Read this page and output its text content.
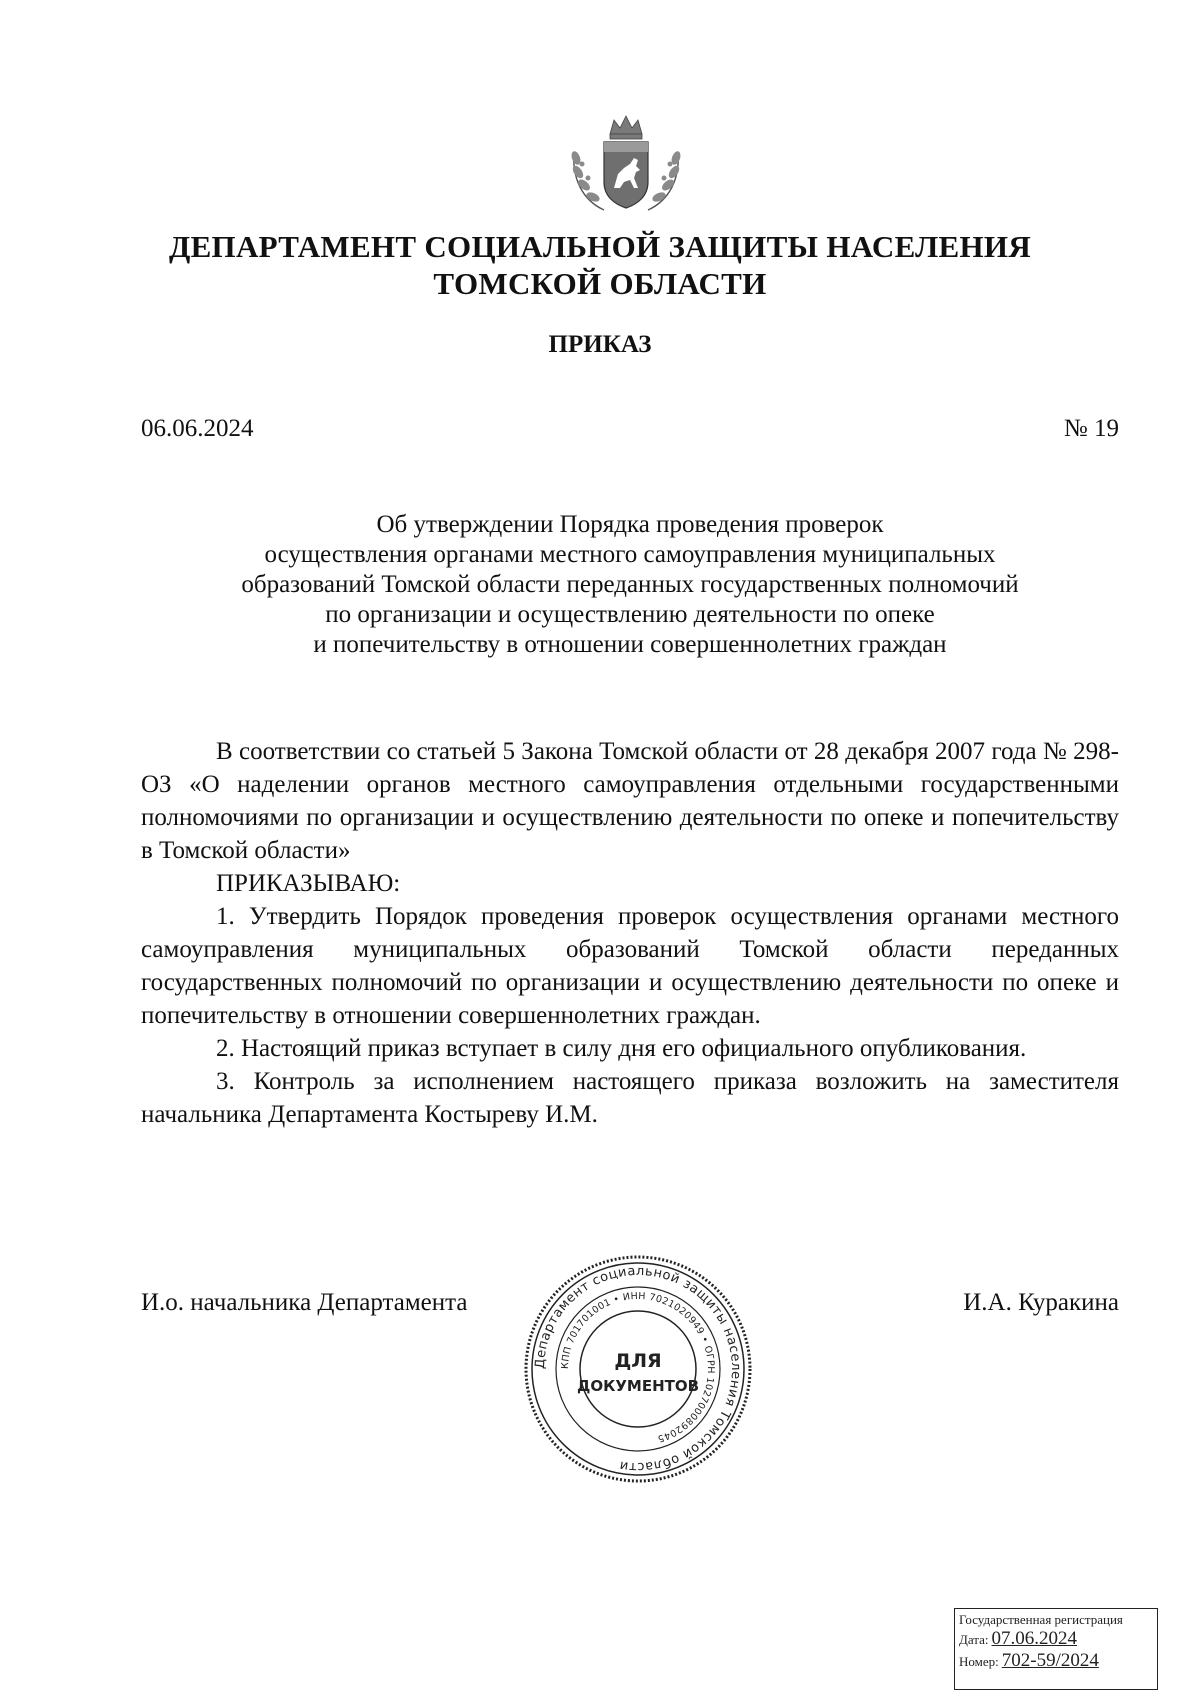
ДЕПАРТАМЕНТ СОЦИАЛЬНОЙ ЗАЩИТЫ НАСЕЛЕНИЯ
ТОМСКОЙ ОБЛАСТИ
ПРИКАЗ
06.06.2024	№ 19
Об утверждении Порядка проведения проверок
осуществления органами местного самоуправления муниципальных
образований Томской области переданных государственных полномочий
по организации и осуществлению деятельности по опеке
и попечительству в отношении совершеннолетних граждан

В соответствии со статьей 5 Закона Томской области от 28 декабря 2007 года № 298-ОЗ «О наделении органов местного самоуправления отдельными государственными полномочиями по организации и осуществлению деятельности по опеке и попечительству в Томской области»

ПРИКАЗЫВАЮ:

1. Утвердить Порядок проведения проверок осуществления органами местного самоуправления муниципальных образований Томской области переданных государственных полномочий по организации и осуществлению деятельности по опеке и попечительству в отношении совершеннолетних граждан.

2. Настоящий приказ вступает в силу дня его официального опубликования.

3. Контроль за исполнением настоящего приказа возложить на заместителя начальника Департамента Костыреву И.М.

И.о. начальника Департамента	И.А. Куракина
Департамент социальной защиты населения Томской области
КПП 701701001 • ИНН 7021020949 • ОГРН 1027000892045
ДЛЯ
ДОКУМЕНТОВ
Государственная регистрация
Дата: 07.06.2024
Номер: 702-59/2024
